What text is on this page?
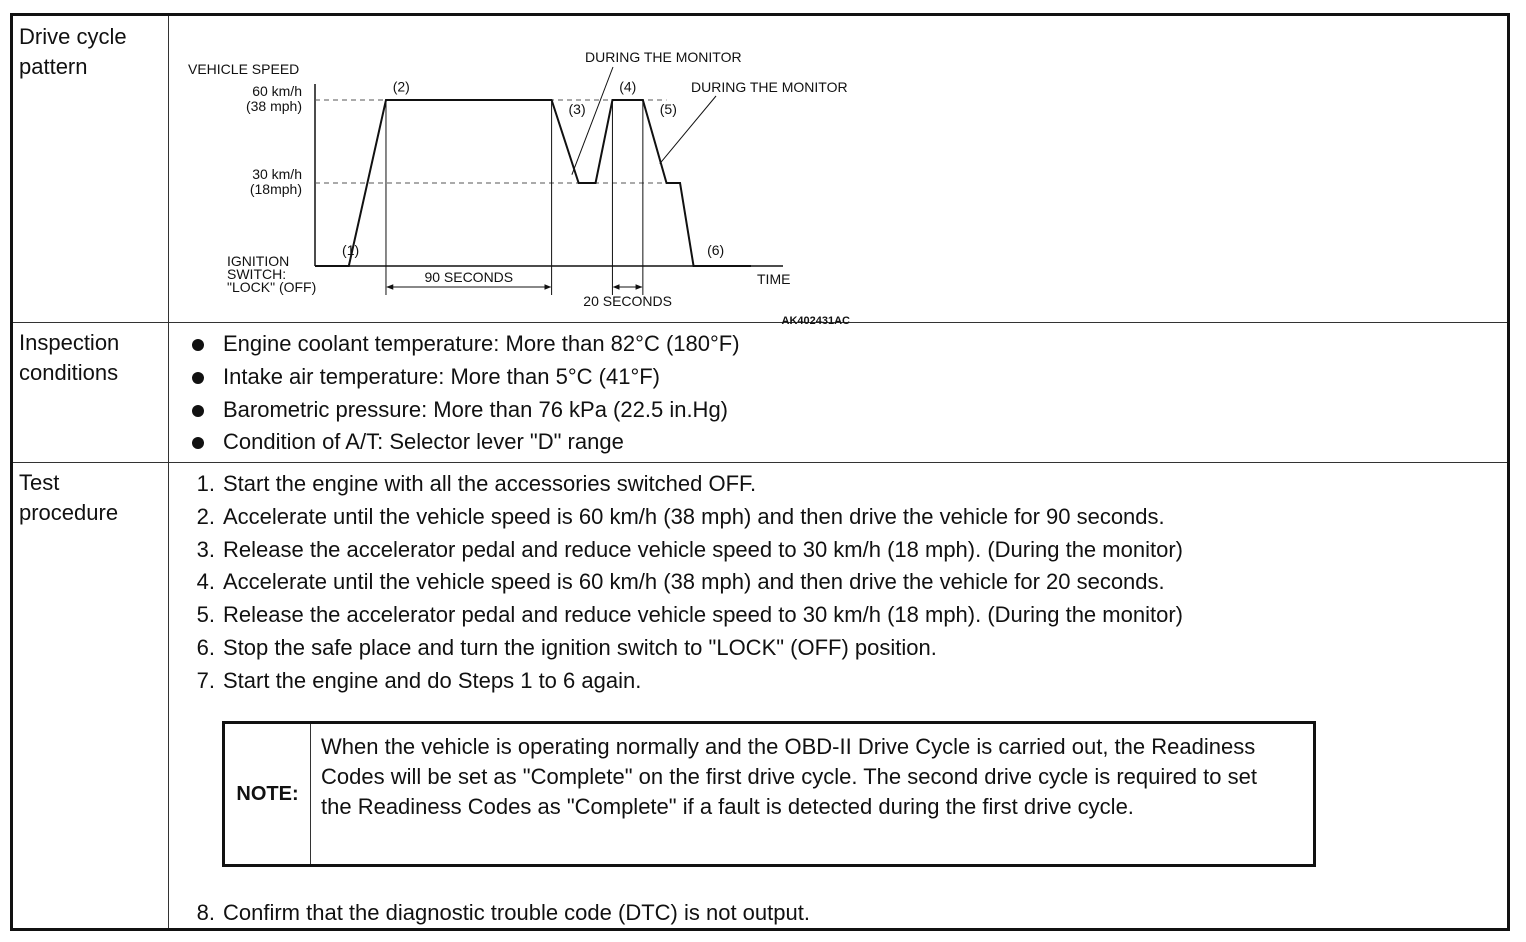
Drive cycle
pattern	VEHICLE SPEED
TIME
60 km/h
(38 mph)
30 km/h
(18mph)
IGNITION
SWITCH:
"LOCK" (OFF)
(1)
(2)
(3)
(4)
(5)
(6)
90 SECONDS
20 SECONDS
DURING THE MONITOR
DURING THE MONITOR
AK402431AC
Inspection
conditions
Engine coolant temperature: More than 82°C (180°F)
Intake air temperature: More than 5°C (41°F)
Barometric pressure: More than 76 kPa (22.5 in.Hg)
Condition of A/T: Selector lever "D" range
Test
procedure
1. Start the engine with all the accessories switched OFF.
2. Accelerate until the vehicle speed is 60 km/h (38 mph) and then drive the vehicle for 90 seconds.
3. Release the accelerator pedal and reduce vehicle speed to 30 km/h (18 mph). (During the monitor)
4. Accelerate until the vehicle speed is 60 km/h (38 mph) and then drive the vehicle for 20 seconds.
5. Release the accelerator pedal and reduce vehicle speed to 30 km/h (18 mph). (During the monitor)
6. Stop the safe place and turn the ignition switch to "LOCK" (OFF) position.
7. Start the engine and do Steps 1 to 6 again.
NOTE:
When the vehicle is operating normally and the OBD-II Drive Cycle is carried out, the Readiness Codes will be set as "Complete" on the first drive cycle. The second drive cycle is required to set the Readiness Codes as "Complete" if a fault is detected during the first drive cycle.
8. Confirm that the diagnostic trouble code (DTC) is not output.
